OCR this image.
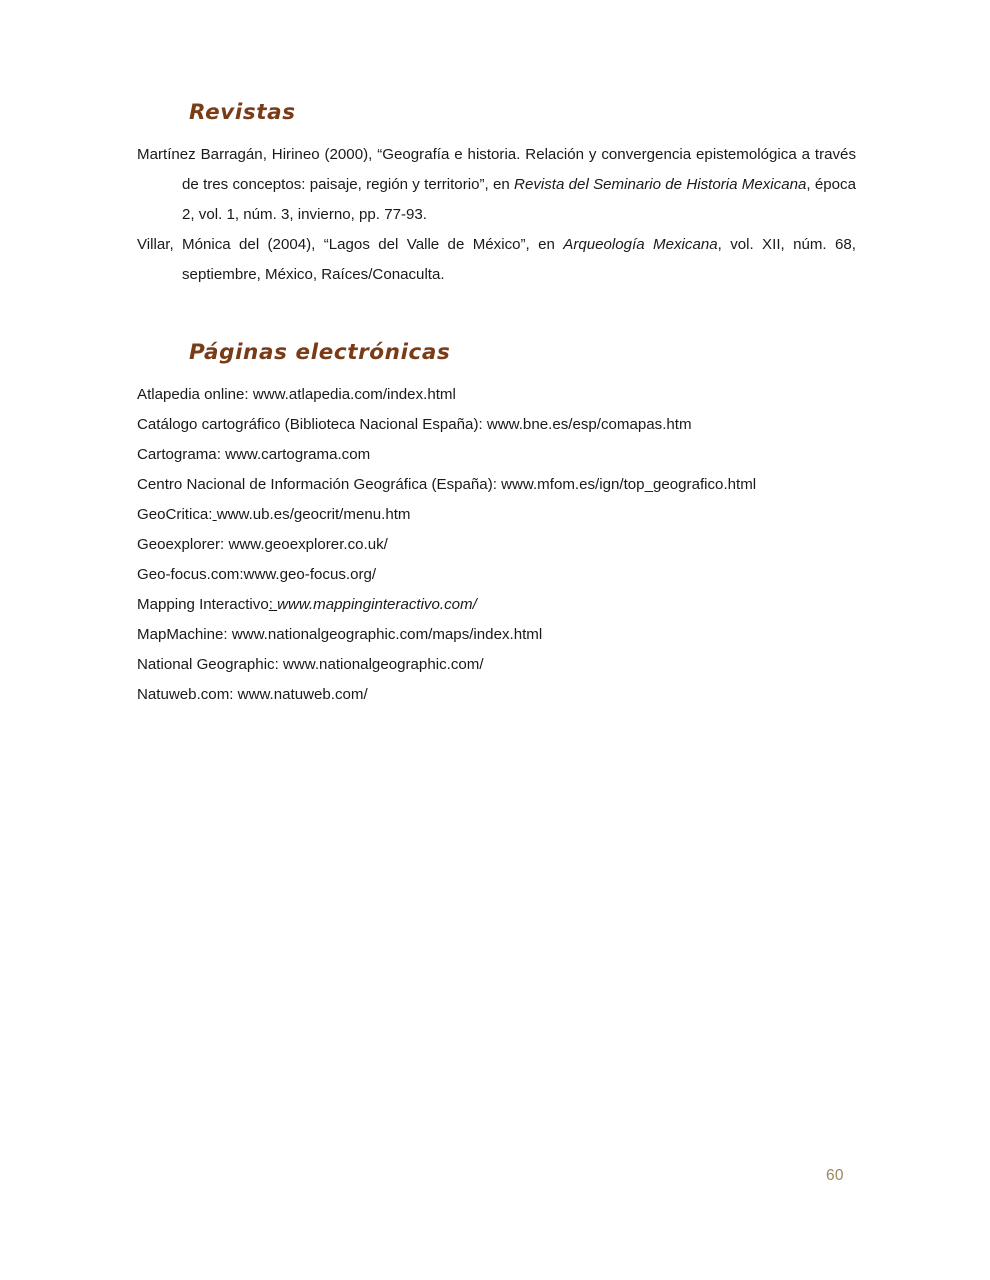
Revistas
Martínez Barragán, Hirineo (2000), “Geografía e historia. Relación y convergencia epistemológica a través de tres conceptos: paisaje, región y territorio”, en Revista del Seminario de Historia Mexicana, época 2, vol. 1, núm. 3, invierno, pp. 77-93.
Villar, Mónica del (2004), “Lagos del Valle de México”, en Arqueología Mexicana, vol. XII, núm. 68, septiembre, México, Raíces/Conaculta.
Páginas electrónicas
Atlapedia online: www.atlapedia.com/index.html
Catálogo cartográfico (Biblioteca Nacional España): www.bne.es/esp/comapas.htm
Cartograma: www.cartograma.com
Centro Nacional de Información Geográfica (España): www.mfom.es/ign/top_geografico.html
GeoCritica: www.ub.es/geocrit/menu.htm
Geoexplorer: www.geoexplorer.co.uk/
Geo-focus.com:www.geo-focus.org/
Mapping Interactivo: www.mappinginteractivo.com/
MapMachine: www.nationalgeographic.com/maps/index.html
National Geographic: www.nationalgeographic.com/
Natuweb.com: www.natuweb.com/
60
